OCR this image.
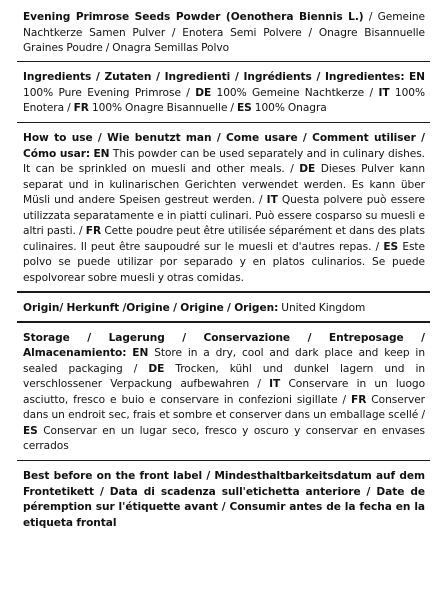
Evening Primrose Seeds Powder (Oenothera Biennis L.) / Gemeine Nachtkerze Samen Pulver / Enotera Semi Polvere / Onagre Bisannuelle Graines Poudre / Onagra Semillas Polvo
Ingredients / Zutaten / Ingredienti / Ingrédients / Ingredientes: EN 100% Pure Evening Primrose / DE 100% Gemeine Nachtkerze / IT 100% Enotera / FR 100% Onagre Bisannuelle / ES 100% Onagra
How to use / Wie benutzt man / Come usare / Comment utiliser / Cómo usar: EN This powder can be used separately and in culinary dishes. It can be sprinkled on muesli and other meals. / DE Dieses Pulver kann separat und in kulinarischen Gerichten verwendet werden. Es kann über Müsli und andere Speisen gestreut werden. / IT Questa polvere può essere utilizzata separatamente e in piatti culinari. Può essere cosparso su muesli e altri pasti. / FR Cette poudre peut être utilisée séparément et dans des plats culinaires. Il peut être saupoudré sur le muesli et d'autres repas. / ES Este polvo se puede utilizar por separado y en platos culinarios. Se puede espolvorear sobre muesli y otras comidas.
Origin/ Herkunft /Origine / Origine / Origen: United Kingdom
Storage / Lagerung / Conservazione / Entreposage / Almacenamiento: EN Store in a dry, cool and dark place and keep in sealed packaging / DE Trocken, kühl und dunkel lagern und in verschlossener Verpackung aufbewahren / IT Conservare in un luogo asciutto, fresco e buio e conservare in confezioni sigillate / FR Conserver dans un endroit sec, frais et sombre et conserver dans un emballage scellé / ES Conservar en un lugar seco, fresco y oscuro y conservar en envases cerrados
Best before on the front label / Mindesthaltbarkeitsdatum auf dem Frontetikett / Data di scadenza sull'etichetta anteriore / Date de péremption sur l'étiquette avant / Consumir antes de la fecha en la etiqueta frontal
